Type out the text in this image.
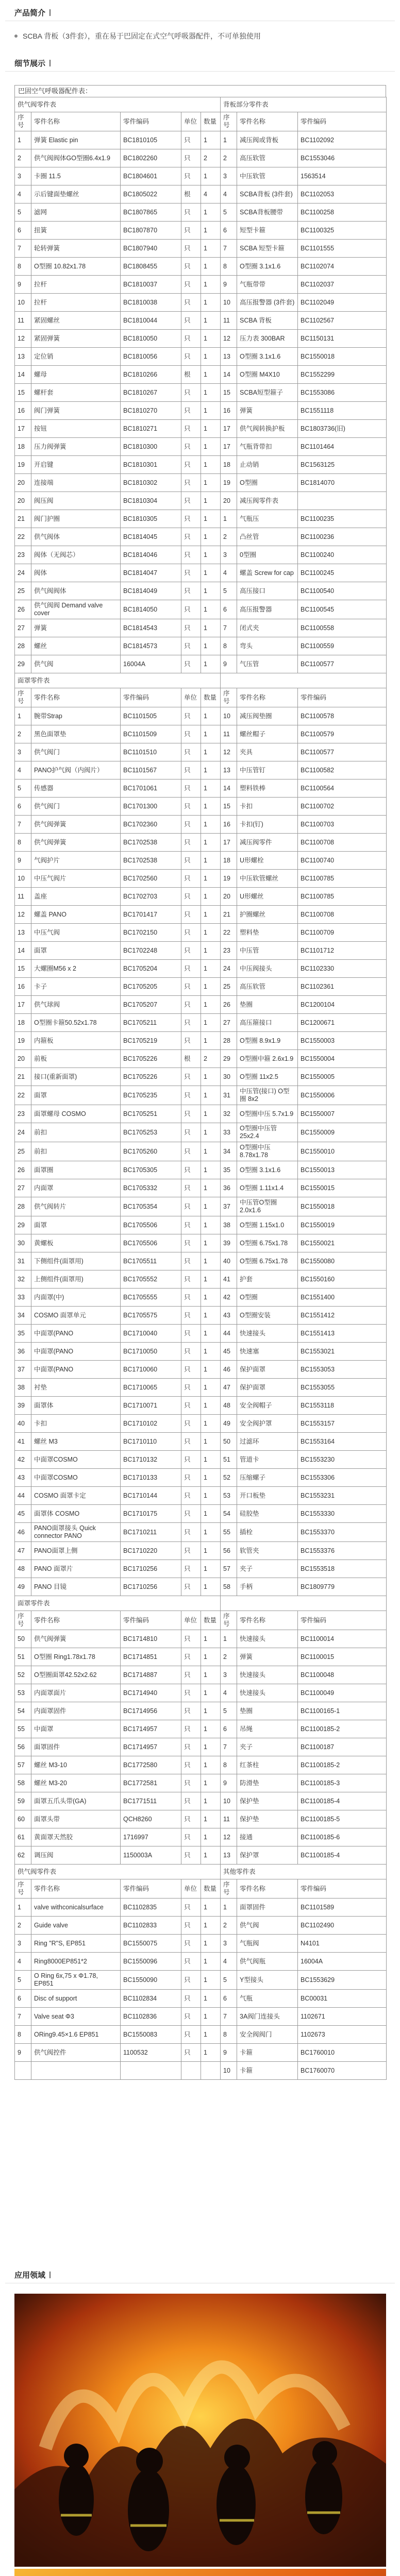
产品简介
SCBA 背板（3件套），重在易于巴固定在式空气呼吸器配件，不可单独使用
细节展示
巴固空气呼吸器配件表：
供气阀零件表					背板部分零件表		
序号	零件名称	零件编码	单位	数量	序号	零件名称	零件编码
1	弹簧 Elastic pin	BC1810105	只	1	1	减压阀或背板	BC1102092
2	供气阀阀体GO型圈6.4x1.9	BC1802260	只	2	2	高压软管	BC1553046
3	卡圈 11.5	BC1804601	只	1	3	中压软管	1563514
4	示后键面垫螺丝	BC1805022	根	4	4	SCBA背板 (3件套)	BC1102053
5	滤网	BC1807865	只	1	5	SCBA背板腰带	BC1100258
6	扭簧	BC1807870	只	1	6	短型卡箍	BC1100325
7	轮转弹簧	BC1807940	只	1	7	SCBA 短型卡箍	BC1101555
8	O型圈 10.82x1.78	BC1808455	只	1	8	O型圈 3.1x1.6	BC1102074
9	拉杆	BC1810037	只	1	9	气瓶带带	BC1102037
10	拉杆	BC1810038	只	1	10	高压报警器 (3件套)	BC1102049
11	紧固螺丝	BC1810044	只	1	11	SCBA 背板	BC1102567
12	紧固弹簧	BC1810050	只	1	12	压力表 300BAR	BC1150131
13	定位销	BC1810056	只	1	13	O型圈 3.1x1.6	BC1550018
14	螺母	BC1810266	根	1	14	O型圈 M4X10	BC1552299
15	螺杆套	BC1810267	只	1	15	SCBA短型箍子	BC1553086
16	阀门弹簧	BC1810270	只	1	16	弹簧	BC1551118
17	按钮	BC1810271	只	1	17	供气阀转换护板	BC1803736(旧)
18	压力阀弹簧	BC1810300	只	1	17	气瓶背带扣	BC1101464
19	开启键	BC1810301	只	1	18	止动销	BC1563125
20	连接端	BC1810302	只	1	19	O型圈	BC1814070
20	阀压阀	BC1810304	只	1	20	减压阀零件表	
21	阀门护圈	BC1810305	只	1	1	气瓶压	BC1100235
22	供气阀体	BC1814045	只	1	2	凸丝管	BC1100236
23	阀体（无阀芯）	BC1814046	只	1	3	0型圈	BC1100240
24	阀体	BC1814047	只	1	4	螺盖 Screw for cap	BC1100245
25	供气阀阀体	BC1814049	只	1	5	高压接口	BC1100540
26	供气阀阀 Demand valve cover	BC1814050	只	1	6	高压报警器	BC1100545
27	弹簧	BC1814543	只	1	7	闭式夹	BC1100558
28	螺丝	BC1814573	只	1	8	弯头	BC1100559
29	供气阀	16004A	只	1	9	气压管	BC1100577
面罩零件表							
序号	零件名称	零件编码	单位	数量	序号	零件名称	零件编码
1	腕带Strap	BC1101505	只	1	10	减压阀垫圈	BC1100578
2	黑色面罩垫	BC1101509	只	1	11	螺丝帽子	BC1100579
3	供气阀门	BC1101510	只	1	12	夹具	BC1100577
4	PANO护气阀（内阀片）	BC1101567	只	1	13	中压管钉	BC1100582
5	传感器	BC1701061	只	1	14	塑料铁棒	BC1100564
6	供气阀门	BC1701300	只	1	15	卡扣	BC1100702
7	供气阀弹簧	BC1702360	只	1	16	卡扣(钉)	BC1100703
8	供气阀弹簧	BC1702538	只	1	17	减压阀零件	BC1100708
9	气阀护片	BC1702538	只	1	18	U形螺栓	BC1100740
10	中压气阀片	BC1702560	只	1	19	中压软管螺丝	BC1100785
11	盖座	BC1702703	只	1	20	U形螺丝	BC1100785
12	螺盖 PANO	BC1701417	只	1	21	护圈螺丝	BC1100708
13	中压气阀	BC1702150	只	1	22	塑料垫	BC1100709
14	面罩	BC1702248	只	1	23	中压管	BC1101712
15	大螺圈M56 x 2	BC1705204	只	1	24	中压阀接头	BC1102330
16	卡子	BC1705205	只	1	25	高压软管	BC1102361
17	供气球阀	BC1705207	只	1	26	垫圈	BC1200104
18	O型圈卡箍50.52x1.78	BC1705211	只	1	27	高压箍接口	BC1200671
19	内箍板	BC1705219	只	1	28	O型圈 8.9x1.9	BC1550003
20	前板	BC1705226	根	2	29	O型圈中箍 2.6x1.9	BC1550004
21	接口(重新面罩)	BC1705226	只	1	30	O型圈 11x2.5	BC1550005
22	面罩	BC1705235	只	1	31	中压管(接口) O型圈 8x2	BC1550006
23	面罩螺母 COSMO	BC1705251	只	1	32	O型圈中压 5.7x1.9	BC1550007
24	前扣	BC1705253	只	1	33	O型圈中压管 25x2.4	BC1550009
25	前扣	BC1705260	只	1	34	O型圈中压 8.78x1.78	BC1550010
26	面罩圈	BC1705305	只	1	35	O型圈 3.1x1.6	BC1550013
27	内面罩	BC1705332	只	1	36	O型圈 1.11x1.4	BC1550015
28	供气阀转片	BC1705354	只	1	37	中压管O型圈 2.0x1.6	BC1550018
29	面罩	BC1705506	只	1	38	O型圈 1.15x1.0	BC1550019
30	黄螺板	BC1705506	只	1	39	O型圈 6.75x1.78	BC1550021
31	下侧组件(面罩用)	BC1705511	只	1	40	O型圈 6.75x1.78	BC1550080
32	上侧组件(面罩用)	BC1705552	只	1	41	护套	BC1550160
33	内面罩(中)	BC1705555	只	1	42	O型圈	BC1551400
34	COSMO 面罩单元	BC1705575	只	1	43	O型圈安装	BC1551412
35	中面罩(PANO	BC1710040	只	1	44	快速接头	BC1551413
36	中面罩(PANO	BC1710050	只	1	45	快速塞	BC1553021
37	中面罩(PANO	BC1710060	只	1	46	保护面罩	BC1553053
38	衬垫	BC1710065	只	1	47	保护面罩	BC1553055
39	面罩体	BC1710071	只	1	48	安全阀帽子	BC1553118
40	卡扣	BC1710102	只	1	49	安全阀护罩	BC1553157
41	螺丝 M3	BC1710110	只	1	50	过滤环	BC1553164
42	中面罩COSMO	BC1710132	只	1	51	管道卡	BC1553230
43	中面罩COSMO	BC1710133	只	1	52	压缩螺子	BC1553306
44	COSMO 面罩卡定	BC1710144	只	1	53	开口板垫	BC1553231
45	面罩体 COSMO	BC1710175	只	1	54	硅胶垫	BC1553330
46	PANO面罩接头 Quick connector PANO	BC1710211	只	1	55	插栓	BC1553370
47	PANO面罩上侧	BC1710220	只	1	56	软管夹	BC1553376
48	PANO 面罩片	BC1710256	只	1	57	夹子	BC1553518
49	PANO 目镜	BC1710256	只	1	58	手柄	BC1809779
面罩零件表							
序号	零件名称	零件编码	单位	数量	序号	零件名称	零件编码
50	供气阀弹簧	BC1714810	只	1	1	快速接头	BC1100014
51	O型圈 Ring1.78x1.78	BC1714851	只	1	2	弹簧	BC1100015
52	O型圈面罩42.52x2.62	BC1714887	只	1	3	快速接头	BC1100048
53	内面罩面片	BC1714940	只	1	4	快速接头	BC1100049
54	内面罩固件	BC1714956	只	1	5	垫圈	BC1100165-1
55	中面罩	BC1714957	只	1	6	吊绳	BC1100185-2
56	面罩固件	BC1714957	只	1	7	夹子	BC1100187
57	螺丝 M3-10	BC1772580	只	1	8	红茶柱	BC1100185-2
58	螺丝 M3-20	BC1772581	只	1	9	防滑垫	BC1100185-3
59	面罩五爪头带(GA)	BC1771511	只	1	10	保护垫	BC1100185-4
60	面罩头带	QCH8260	只	1	11	保护垫	BC1100185-5
61	黄面罩天然胶	1716997	只	1	12	接通	BC1100185-6
62	调压阀	1150003A	只	1	13	保护罩	BC1100185-4
供气阀零件表					其他零件表		
序号	零件名称	零件编码	单位	数量	序号	零件名称	零件编码
1	valve withconicalsurface	BC1102835	只	1	1	面罩固件	BC1101589
2	Guide valve	BC1102833	只	1	2	供气阀	BC1102490
3	Ring "R"S, EP851	BC1550075	只	1	3	气瓶阀	N4101
4	Ring8000EP851*2	BC1550096	只	1	4	供气阀瓶	16004A
5	O Ring 6x,75 x Φ1.78, EP851	BC1550090	只	1	5	Y型接头	BC1553629
6	Disc of support	BC1102834	只	1	6	气瓶	BC00031
7	Valve seat Φ3	BC1102836	只	1	7	3A阀门连接头	1102671
8	ORing9.45×1.6 EP851	BC1550083	只	1	8	安全阀阀门	1102673
9	供气阀控件	1100532	只	1	9	卡箍	BC1760010
					10	卡箍	BC1760070
应用领域
